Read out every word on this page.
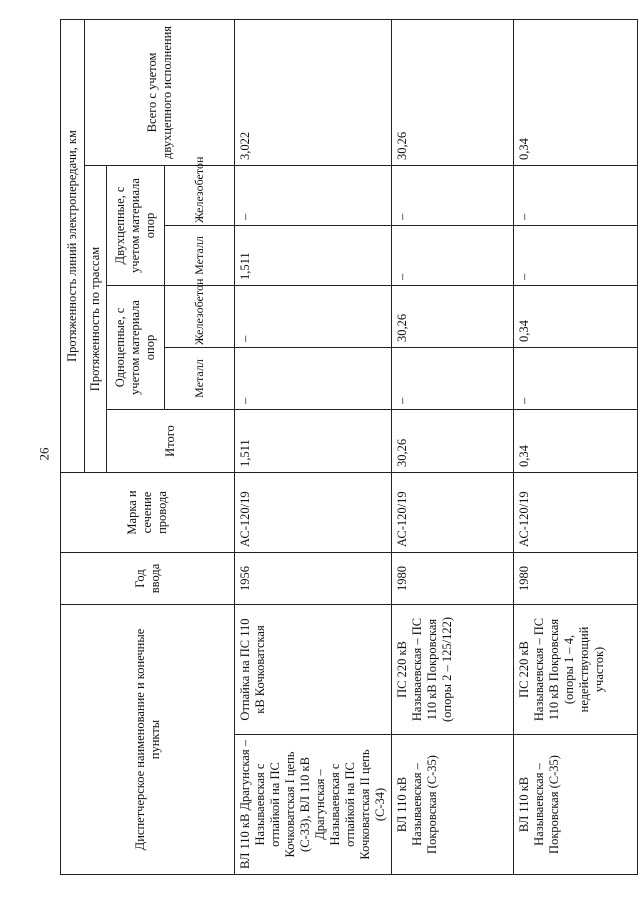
26
Диспетчерское наименование и конечные пункты		Год ввода	Марка и сечение провода	Протяженность линий электропередачи, км					
				Протяженность по трассам					Всего с учетом двухцепного исполнения
				Итого	Одноцепные, с учетом материала опор		Двухцепные, с учетом материала опор		
					Металл	Железобетон	Металл	Железобетон	
ВЛ 110 кВ Драгунская – Называевская с отпайкой на ПС Кочковатская I цепь (С-33), ВЛ 110 кВ Драгунская – Называевская с отпайкой на ПС Кочковатская II цепь (С-34)	Отпайка на ПС 110 кВ Кочковатская	1956	АС-120/19	1,511	–	–	1,511	–	3,022
ВЛ 110 кВ Называевская – Покровская (С-35)	ПС 220 кВ Называевская – ПС 110 кВ Покровская (опоры 2 – 125/122)	1980	АС-120/19	30,26	–	30,26	–	–	30,26
ВЛ 110 кВ Называевская – Покровская (С-35)	ПС 220 кВ Называевская – ПС 110 кВ Покровская (опоры 1 – 4, недействующий участок)	1980	АС-120/19	0,34	–	0,34	–	–	0,34
